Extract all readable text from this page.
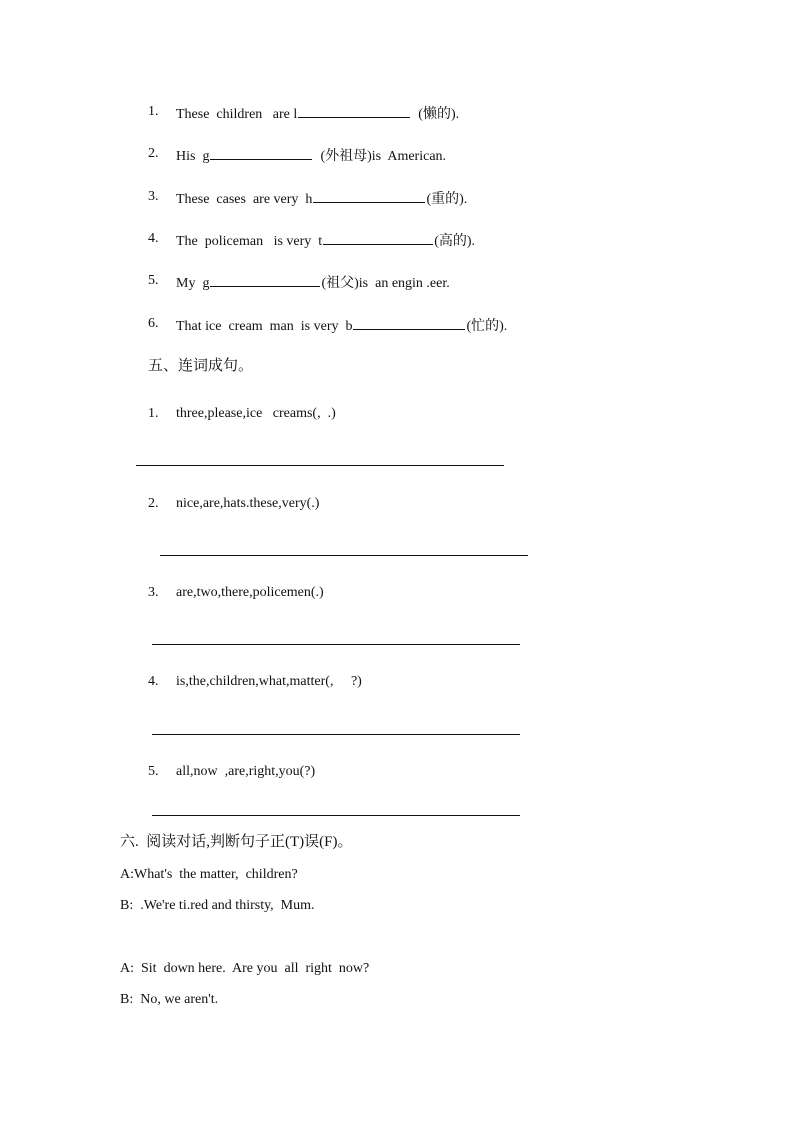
1. These  children   are l	(懒的).
2. His  g	(外祖母)is  American.
3. These  cases  are very  h	(重的).
4. The  policeman   is very  t	(高的).
5. My  g	(祖父)is  an engin .eer.
6. That ice  cream  man  is very  b	(忙的).
五、连词成句。
1. three,please,ice   creams(,  .)
2. nice,are,hats.these,very(.)
3. are,two,there,policemen(.)
4. is,the,children,what,matter(,     ?)
5. all,now  ,are,right,you(?)
六.  阅读对话,判断句子正(T)误(F)。
A:What's  the matter,  children?
B:  .We're ti.red and thirsty,  Mum.
A:  Sit  down here.  Are you  all  right  now?
B:  No, we aren't.
